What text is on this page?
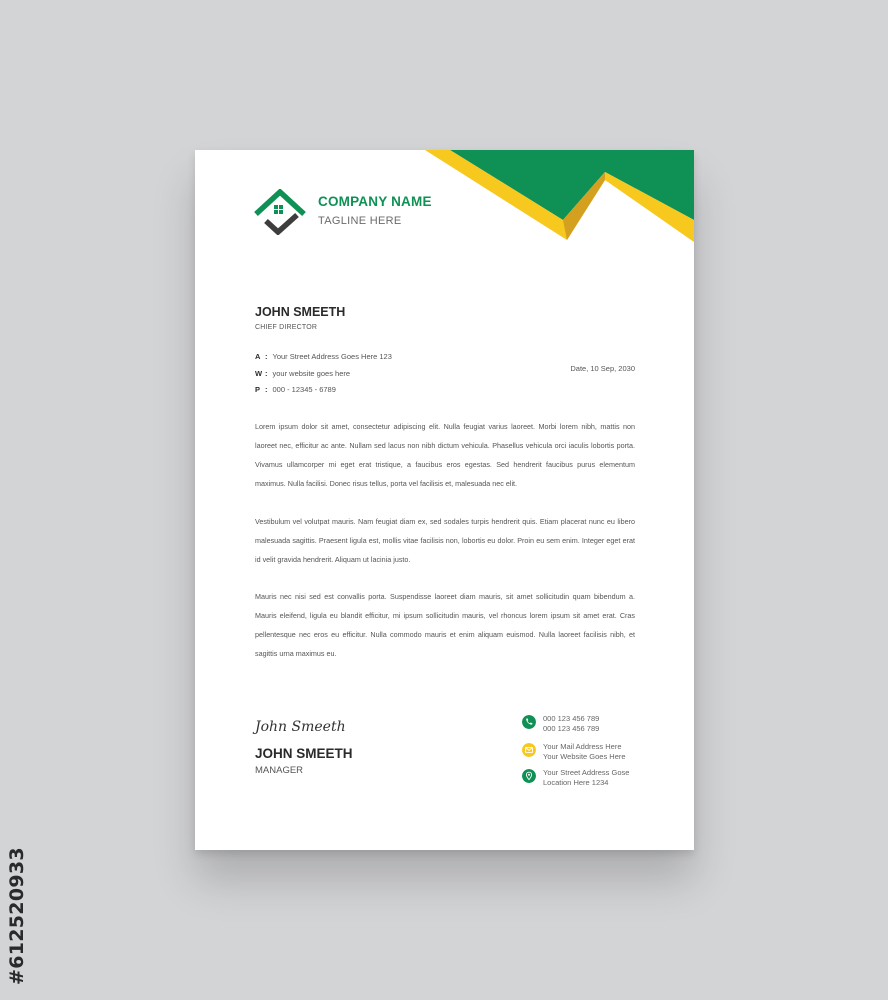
#612520933
COMPANY NAME
TAGLINE HERE
JOHN SMEETH
CHIEF DIRECTOR
A : Your Street Address Goes Here 123
W : your website goes here
P : 000 - 12345 - 6789
Date, 10 Sep, 2030

Lorem ipsum dolor sit amet, consectetur adipiscing elit. Nulla feugiat varius laoreet. Morbi lorem nibh, mattis non laoreet nec, efficitur ac ante. Nullam sed lacus non nibh dictum vehicula. Phasellus vehicula orci iaculis lobortis porta. Vivamus ullamcorper mi eget erat tristique, a faucibus eros egestas. Sed hendrerit faucibus purus elementum maximus. Nulla facilisi. Donec risus tellus, porta vel facilisis et, malesuada nec elit.

Vestibulum vel volutpat mauris. Nam feugiat diam ex, sed sodales turpis hendrerit quis. Etiam placerat nunc eu libero malesuada sagittis. Praesent ligula est, mollis vitae facilisis non, lobortis eu dolor. Proin eu sem enim. Integer eget erat id velit gravida hendrerit. Aliquam ut lacinia justo.

Mauris nec nisi sed est convallis porta. Suspendisse laoreet diam mauris, sit amet sollicitudin quam bibendum a. Mauris eleifend, ligula eu blandit efficitur, mi ipsum sollicitudin mauris, vel rhoncus lorem ipsum sit amet erat. Cras pellentesque nec eros eu efficitur. Nulla commodo mauris et enim aliquam euismod. Nulla laoreet facilisis nibh, et sagittis urna maximus eu.

John Smeeth
JOHN SMEETH
MANAGER
000 123 456 789
000 123 456 789
Your Mail Address Here
Your Website Goes Here
Your Street Address Gose
Location Here 1234
